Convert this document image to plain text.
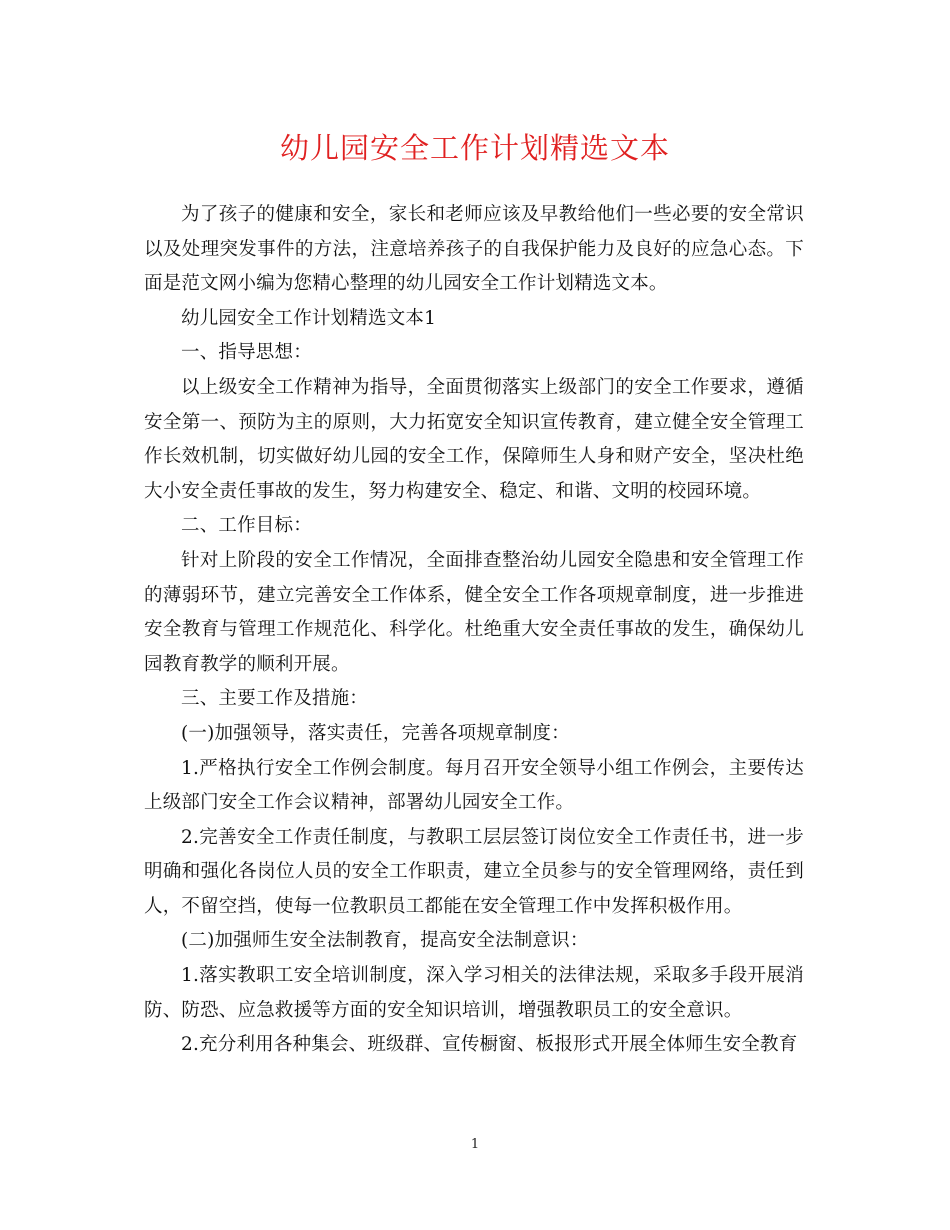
幼儿园安全工作计划精选文本

为了孩子的健康和安全，家长和老师应该及早教给他们一些必要的安全常识以及处理突发事件的方法，注意培养孩子的自我保护能力及良好的应急心态。下面是范文网小编为您精心整理的幼儿园安全工作计划精选文本。

幼儿园安全工作计划精选文本1

一、指导思想：

以上级安全工作精神为指导，全面贯彻落实上级部门的安全工作要求，遵循安全第一、预防为主的原则，大力拓宽安全知识宣传教育，建立健全安全管理工作长效机制，切实做好幼儿园的安全工作，保障师生人身和财产安全，坚决杜绝大小安全责任事故的发生，努力构建安全、稳定、和谐、文明的校园环境。

二、工作目标：

针对上阶段的安全工作情况，全面排查整治幼儿园安全隐患和安全管理工作的薄弱环节，建立完善安全工作体系，健全安全工作各项规章制度，进一步推进安全教育与管理工作规范化、科学化。杜绝重大安全责任事故的发生，确保幼儿园教育教学的顺利开展。

三、主要工作及措施：

(一)加强领导，落实责任，完善各项规章制度：

1.严格执行安全工作例会制度。每月召开安全领导小组工作例会，主要传达上级部门安全工作会议精神，部署幼儿园安全工作。

2.完善安全工作责任制度，与教职工层层签订岗位安全工作责任书，进一步明确和强化各岗位人员的安全工作职责，建立全员参与的安全管理网络，责任到人，不留空挡，使每一位教职员工都能在安全管理工作中发挥积极作用。

(二)加强师生安全法制教育，提高安全法制意识：

1.落实教职工安全培训制度，深入学习相关的法律法规，采取多手段开展消防、防恐、应急救援等方面的安全知识培训，增强教职员工的安全意识。

2.充分利用各种集会、班级群、宣传橱窗、板报形式开展全体师生安全教育

1
